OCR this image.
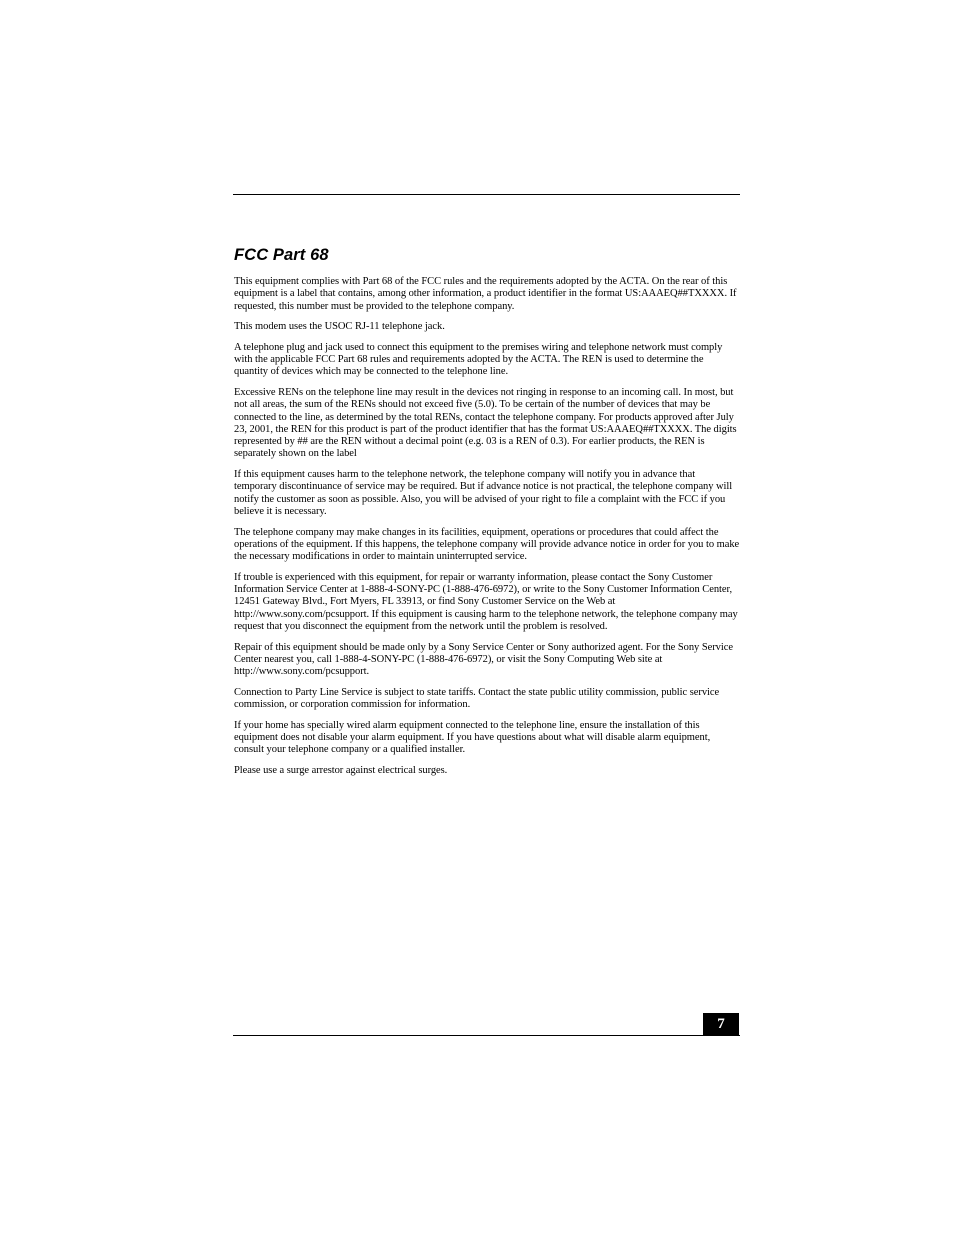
FCC Part 68

This equipment complies with Part 68 of the FCC rules and the requirements adopted by the ACTA. On the rear of this equipment is a label that contains, among other information, a product identifier in the format US:AAAEQ##TXXXX. If requested, this number must be provided to the telephone company.

This modem uses the USOC RJ-11 telephone jack.

A telephone plug and jack used to connect this equipment to the premises wiring and telephone network must comply with the applicable FCC Part 68 rules and requirements adopted by the ACTA. The REN is used to determine the quantity of devices which may be connected to the telephone line.

Excessive RENs on the telephone line may result in the devices not ringing in response to an incoming call. In most, but not all areas, the sum of the RENs should not exceed five (5.0). To be certain of the number of devices that may be connected to the line, as determined by the total RENs, contact the telephone company. For products approved after July 23, 2001, the REN for this product is part of the product identifier that has the format US:AAAEQ##TXXXX. The digits represented by ## are the REN without a decimal point (e.g. 03 is a REN of 0.3). For earlier products, the REN is separately shown on the label

If this equipment causes harm to the telephone network, the telephone company will notify you in advance that temporary discontinuance of service may be required. But if advance notice is not practical, the telephone company will notify the customer as soon as possible. Also, you will be advised of your right to file a complaint with the FCC if you believe it is necessary.

The telephone company may make changes in its facilities, equipment, operations or procedures that could affect the operations of the equipment. If this happens, the telephone company will provide advance notice in order for you to make the necessary modifications in order to maintain uninterrupted service.

If trouble is experienced with this equipment, for repair or warranty information, please contact the Sony Customer Information Service Center at 1-888-4-SONY-PC (1-888-476-6972), or write to the Sony Customer Information Center, 12451 Gateway Blvd., Fort Myers, FL 33913, or find Sony Customer Service on the Web at http://www.sony.com/pcsupport. If this equipment is causing harm to the telephone network, the telephone company may request that you disconnect the equipment from the network until the problem is resolved.

Repair of this equipment should be made only by a Sony Service Center or Sony authorized agent. For the Sony Service Center nearest you, call 1-888-4-SONY-PC (1-888-476-6972), or visit the Sony Computing Web site at http://www.sony.com/pcsupport.

Connection to Party Line Service is subject to state tariffs. Contact the state public utility commission, public service commission, or corporation commission for information.

If your home has specially wired alarm equipment connected to the telephone line, ensure the installation of this equipment does not disable your alarm equipment. If you have questions about what will disable alarm equipment, consult your telephone company or a qualified installer.

Please use a surge arrestor against electrical surges.

7
